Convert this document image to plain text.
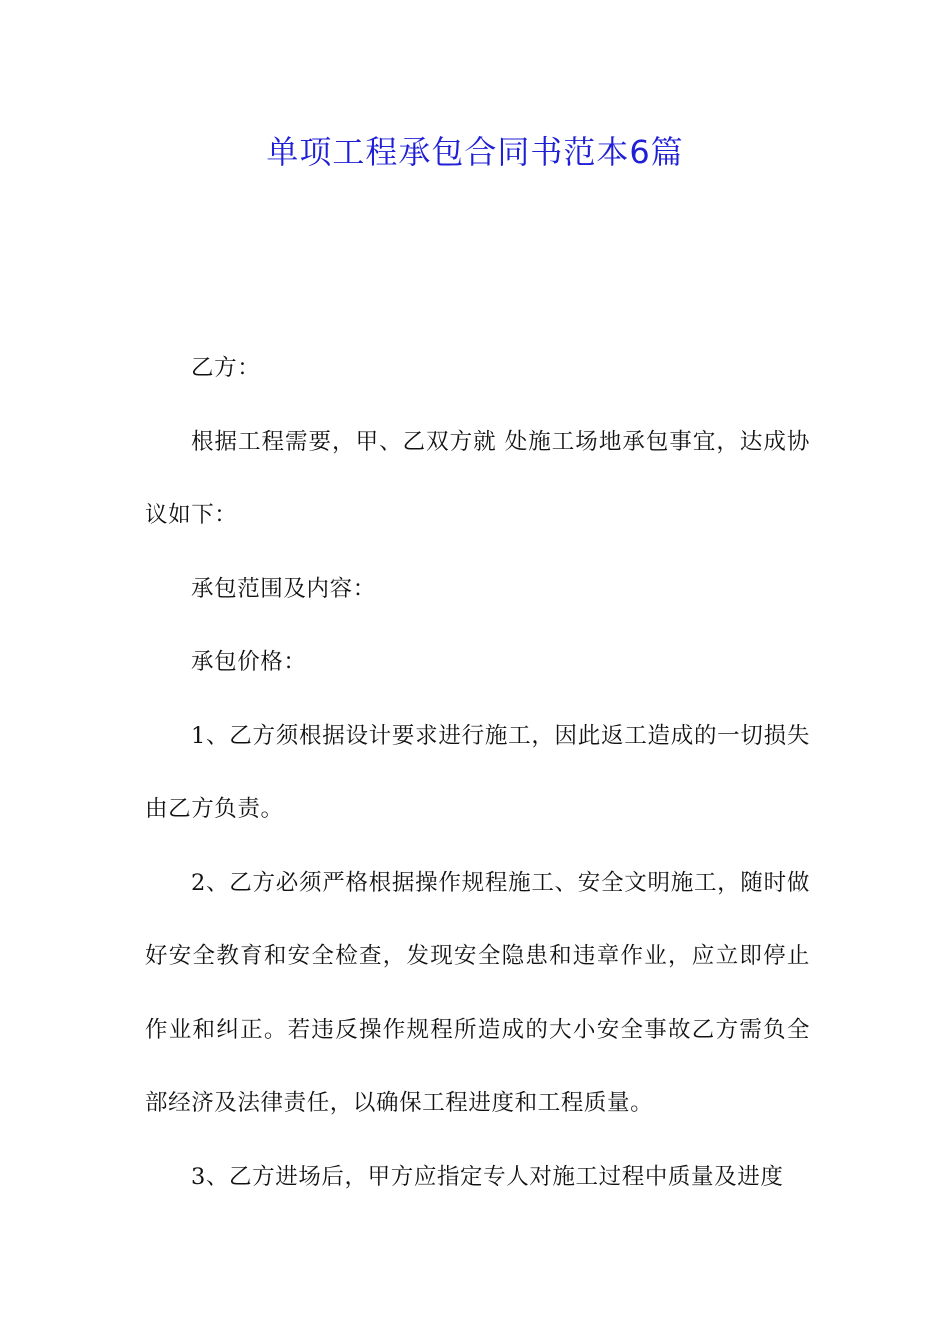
单项工程承包合同书范本6篇

乙方：

根据工程需要，甲、乙双方就 处施工场地承包事宜，达成协议如下：

承包范围及内容：

承包价格：

1、乙方须根据设计要求进行施工，因此返工造成的一切损失由乙方负责。

2、乙方必须严格根据操作规程施工、安全文明施工，随时做好安全教育和安全检查，发现安全隐患和违章作业，应立即停止作业和纠正。若违反操作规程所造成的大小安全事故乙方需负全部经济及法律责任，以确保工程进度和工程质量。

3、乙方进场后，甲方应指定专人对施工过程中质量及进度
